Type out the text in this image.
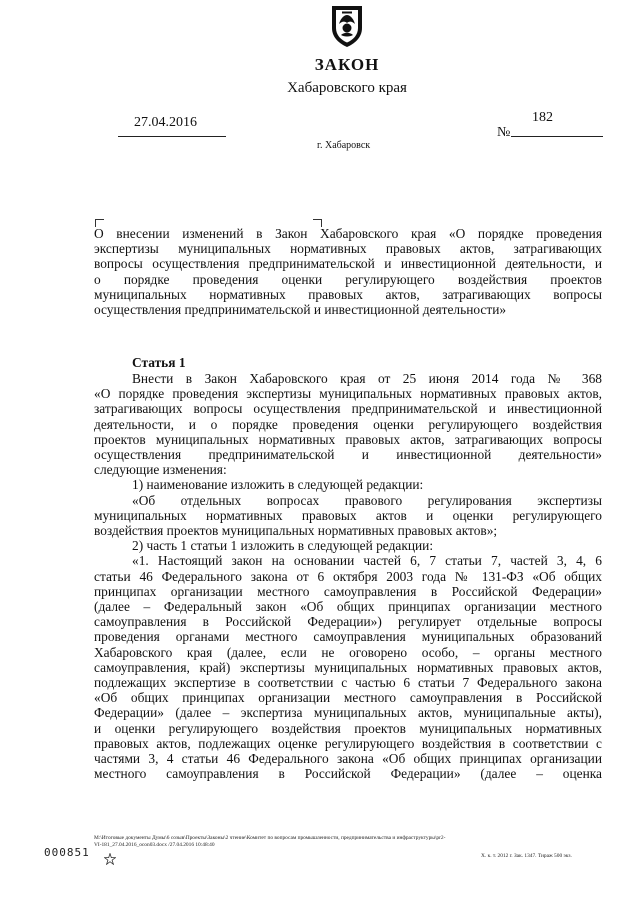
ЗАКОН
Хабаровского края
27.04.2016
№
182
г. Хабаровск
О внесении изменений в Закон Хабаровского края «О порядке проведения
экспертизы муниципальных нормативных правовых актов, затрагивающих
вопросы осуществления предпринимательской и инвестиционной деятельности, и
о порядке проведения оценки регулирующего воздействия проектов
муниципальных нормативных правовых актов, затрагивающих вопросы
осуществления предпринимательской и инвестиционной деятельности»
Статья 1
Внести в Закон Хабаровского края от 25 июня 2014 года № 368
«О порядке проведения экспертизы муниципальных нормативных правовых актов,
затрагивающих вопросы осуществления предпринимательской и инвестиционной
деятельности, и о порядке проведения оценки регулирующего воздействия
проектов муниципальных нормативных правовых актов, затрагивающих вопросы
осуществления предпринимательской и инвестиционной деятельности»
следующие изменения:
1) наименование изложить в следующей редакции:
«Об отдельных вопросах правового регулирования экспертизы
муниципальных нормативных правовых актов и оценки регулирующего
воздействия проектов муниципальных нормативных правовых актов»;
2) часть 1 статьи 1 изложить в следующей редакции:
«1. Настоящий закон на основании частей 6, 7 статьи 7, частей 3, 4, 6
статьи 46 Федерального закона от 6 октября 2003 года № 131-ФЗ «Об общих
принципах организации местного самоуправления в Российской Федерации»
(далее – Федеральный закон «Об общих принципах организации местного
самоуправления в Российской Федерации») регулирует отдельные вопросы
проведения органами местного самоуправления муниципальных образований
Хабаровского края (далее, если не оговорено особо, – органы местного
самоуправления, край) экспертизы муниципальных нормативных правовых актов,
подлежащих экспертизе в соответствии с частью 6 статьи 7 Федерального закона
«Об общих принципах организации местного самоуправления в Российской
Федерации» (далее – экспертиза муниципальных актов, муниципальные акты),
и оценки регулирующего воздействия проектов муниципальных нормативных
правовых актов, подлежащих оценке регулирующего воздействия в соответствии с
частями 3, 4 статьи 46 Федерального закона «Об общих принципах организации
местного самоуправления в Российской Федерации» (далее – оценка
М:\Итоговые документы Думы\6 созыв\Проекты\Законы\2 чтение\Комитет по вопросам промышленности, предпринимательства и инфраструктуры\pr2-
VI-181_27.04.2016_ocon03.docx /27.04.2016 10:48:40
000851	Х. к. т. 2012 г. Зак. 1347. Тираж 500 экз.
